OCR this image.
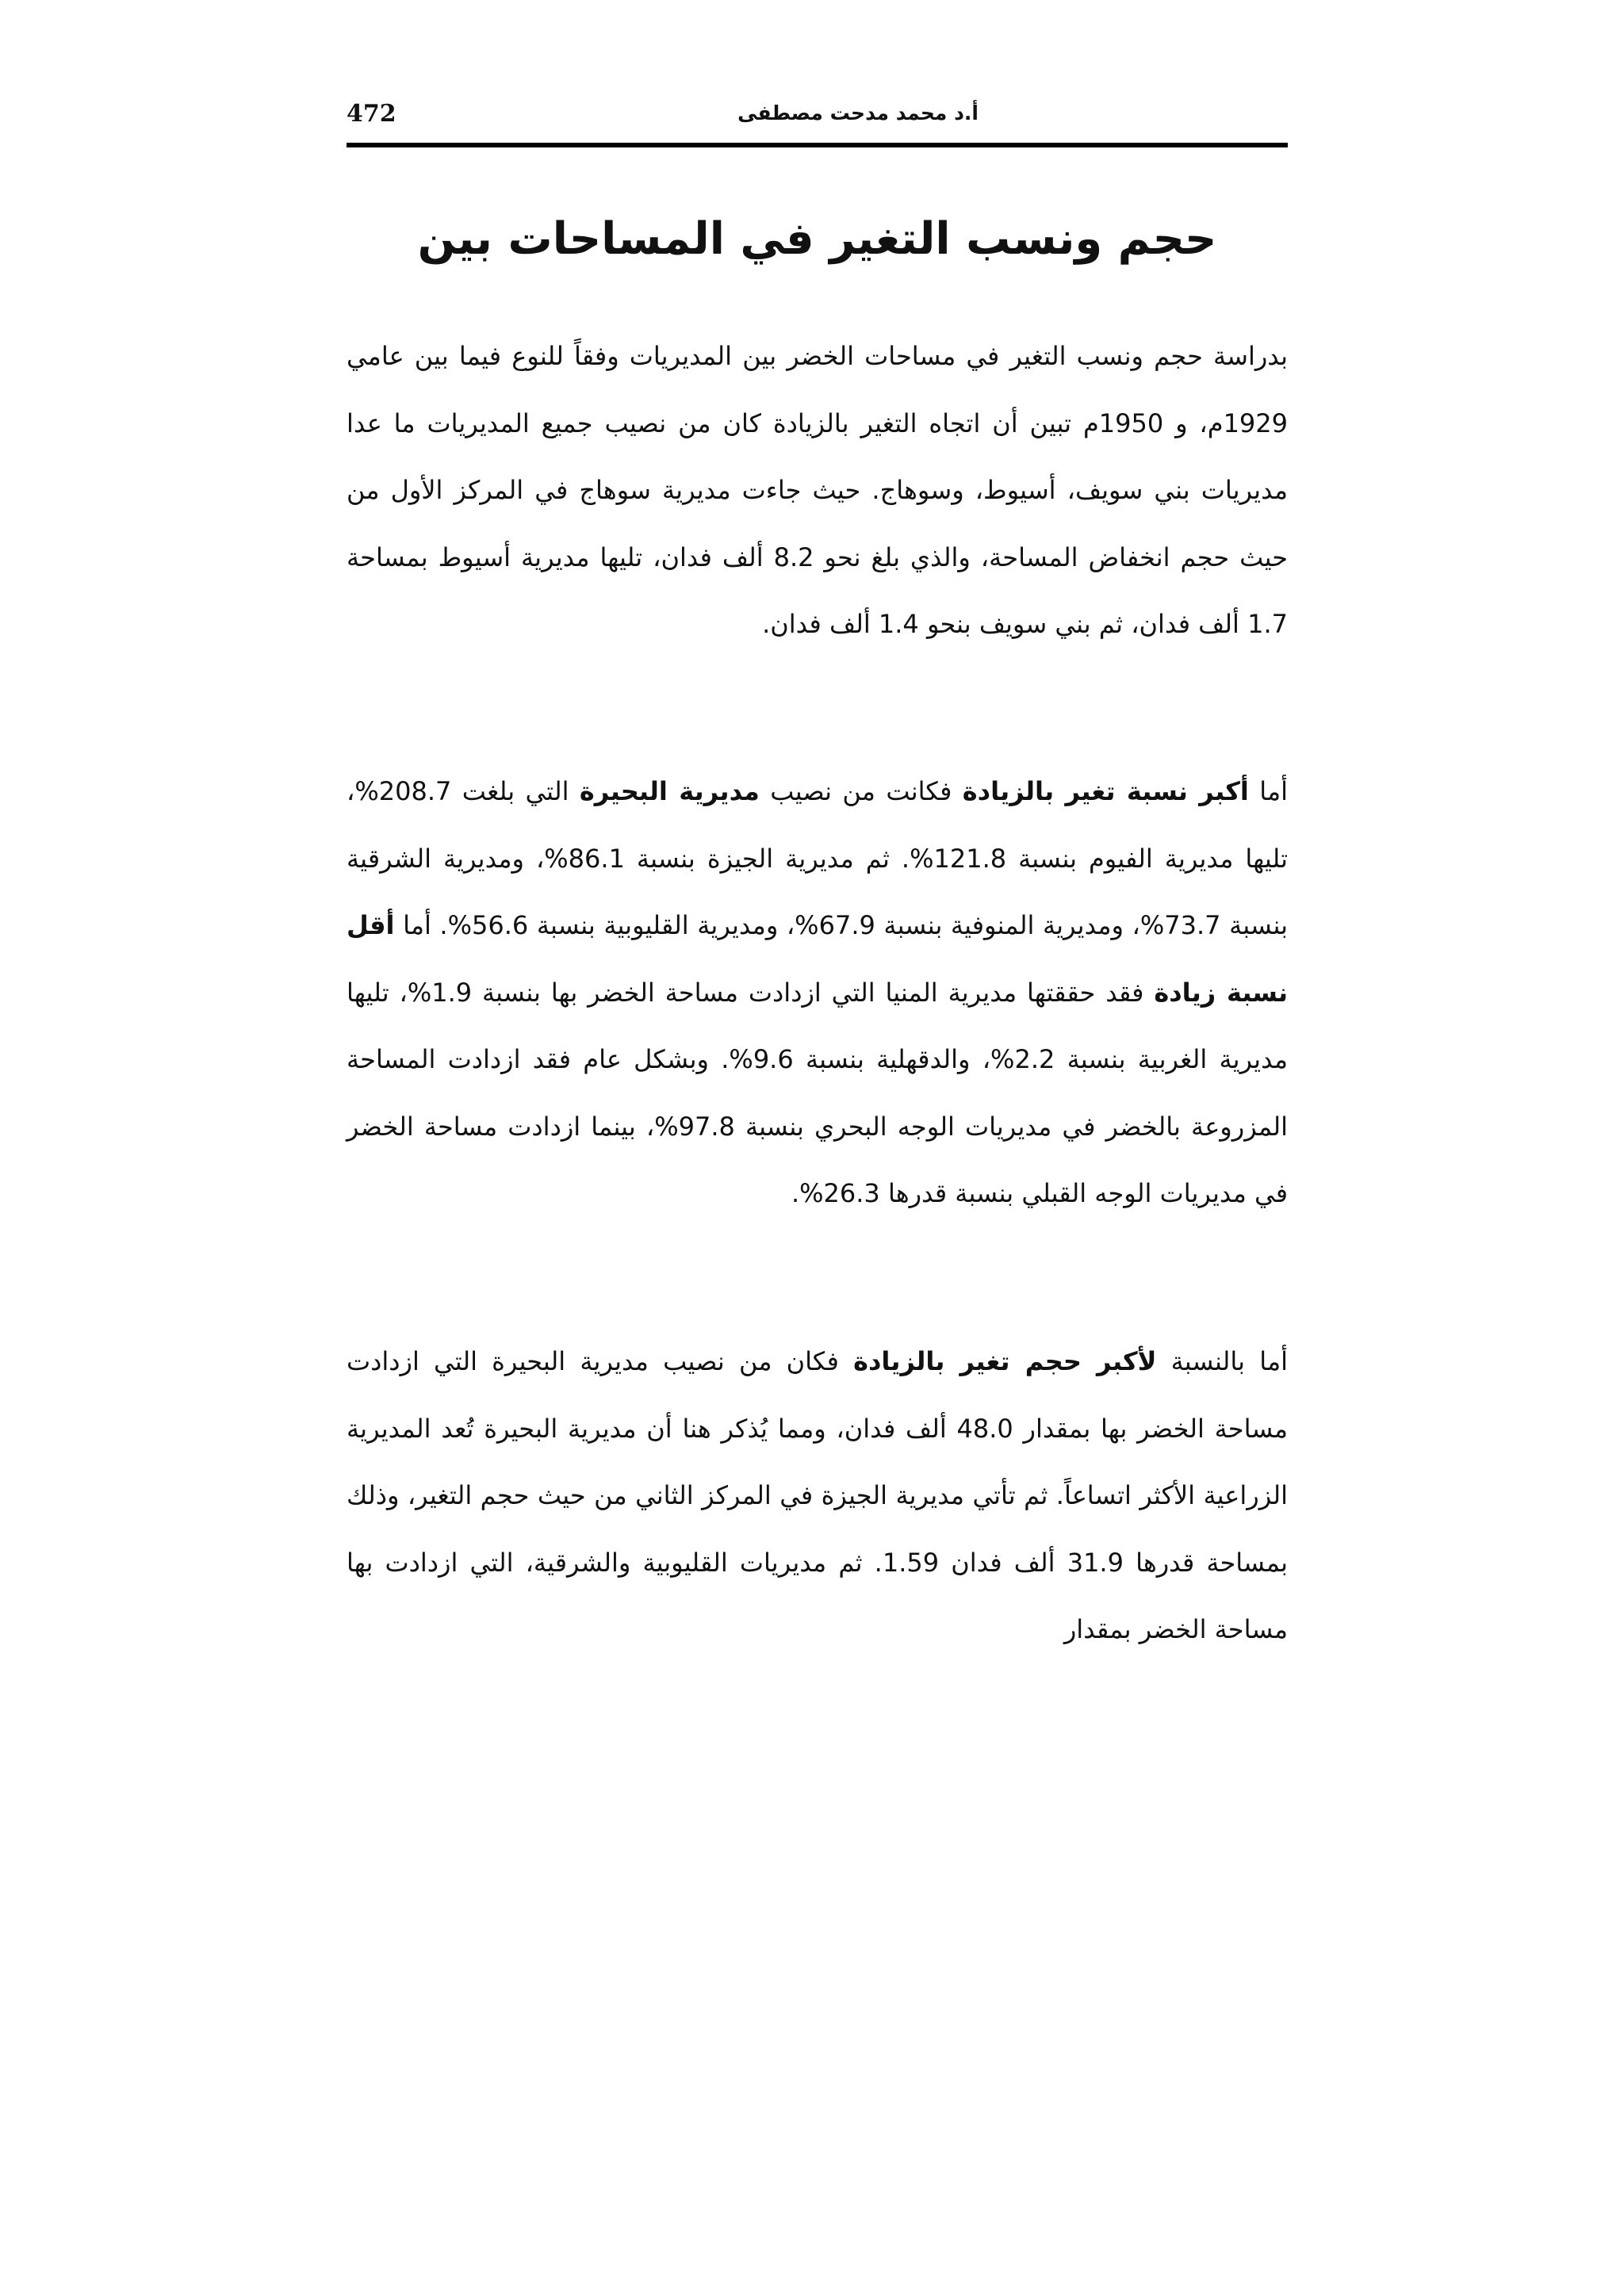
472	أ.د محمد مدحت مصطفى
حجم ونسب التغير في المساحات بين

بدراسة حجم ونسب التغير في مساحات الخضر بين المديريات وفقاً للنوع فيما بين عامي 1929م، و 1950م تبين أن اتجاه التغير بالزيادة كان من نصيب جميع المديريات ما عدا مديريات بني سويف، أسيوط، وسوهاج. حيث جاءت مديرية سوهاج في المركز الأول من حيث حجم انخفاض المساحة، والذي بلغ نحو 8.2 ألف فدان، تليها مديرية أسيوط بمساحة 1.7 ألف فدان، ثم بني سويف بنحو 1.4 ألف فدان.

أما أكبر نسبة تغير بالزيادة فكانت من نصيب مديرية البحيرة التي بلغت 208.7%، تليها مديرية الفيوم بنسبة 121.8%. ثم مديرية الجيزة بنسبة 86.1%، ومديرية الشرقية بنسبة 73.7%، ومديرية المنوفية بنسبة 67.9%، ومديرية القليوبية بنسبة 56.6%. أما أقل نسبة زيادة فقد حققتها مديرية المنيا التي ازدادت مساحة الخضر بها بنسبة 1.9%، تليها مديرية الغربية بنسبة 2.2%، والدقهلية بنسبة 9.6%. وبشكل عام فقد ازدادت المساحة المزروعة بالخضر في مديريات الوجه البحري بنسبة 97.8%، بينما ازدادت مساحة الخضر في مديريات الوجه القبلي بنسبة قدرها 26.3%.

أما بالنسبة لأكبر حجم تغير بالزيادة فكان من نصيب مديرية البحيرة التي ازدادت مساحة الخضر بها بمقدار 48.0 ألف فدان، ومما يُذكر هنا أن مديرية البحيرة تُعد المديرية الزراعية الأكثر اتساعاً. ثم تأتي مديرية الجيزة في المركز الثاني من حيث حجم التغير، وذلك بمساحة قدرها 31.9 ألف فدان 1.59. ثم مديريات القليوبية والشرقية، التي ازدادت بها مساحة الخضر بمقدار
